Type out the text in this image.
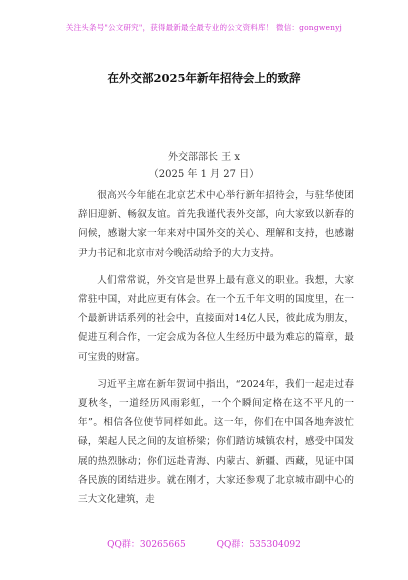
关注头条号"公文研究"，获得最新最全最专业的公文资料库！ 微信：gongwenyj
在外交部2025年新年招待会上的致辞
外交部部长 王 x
（2025 年 1 月 27 日）

很高兴今年能在北京艺术中心举行新年招待会，与驻华使团辞旧迎新、畅叙友谊。首先我谨代表外交部，向大家致以新春的问候，感谢大家一年来对中国外交的关心、理解和支持，也感谢尹力书记和北京市对今晚活动给予的大力支持。

人们常常说，外交官是世界上最有意义的职业。我想，大家常驻中国，对此应更有体会。在一个五千年文明的国度里，在一个最新讲话系列的社会中，直接面对14亿人民，彼此成为朋友，促进互利合作，一定会成为各位人生经历中最为难忘的篇章，最可宝贵的财富。

习近平主席在新年贺词中指出，“2024年，我们一起走过春夏秋冬，一道经历风雨彩虹，一个个瞬间定格在这不平凡的一年”。相信各位使节同样如此。这一年，你们在中国各地奔波忙碌，架起人民之间的友谊桥梁；你们踏访城镇农村，感受中国发展的热烈脉动；你们远赴青海、内蒙古、新疆、西藏，见证中国各民族的团结进步。就在刚才，大家还参观了北京城市副中心的三大文化建筑，走

QQ群：30265665	QQ群：535304092
